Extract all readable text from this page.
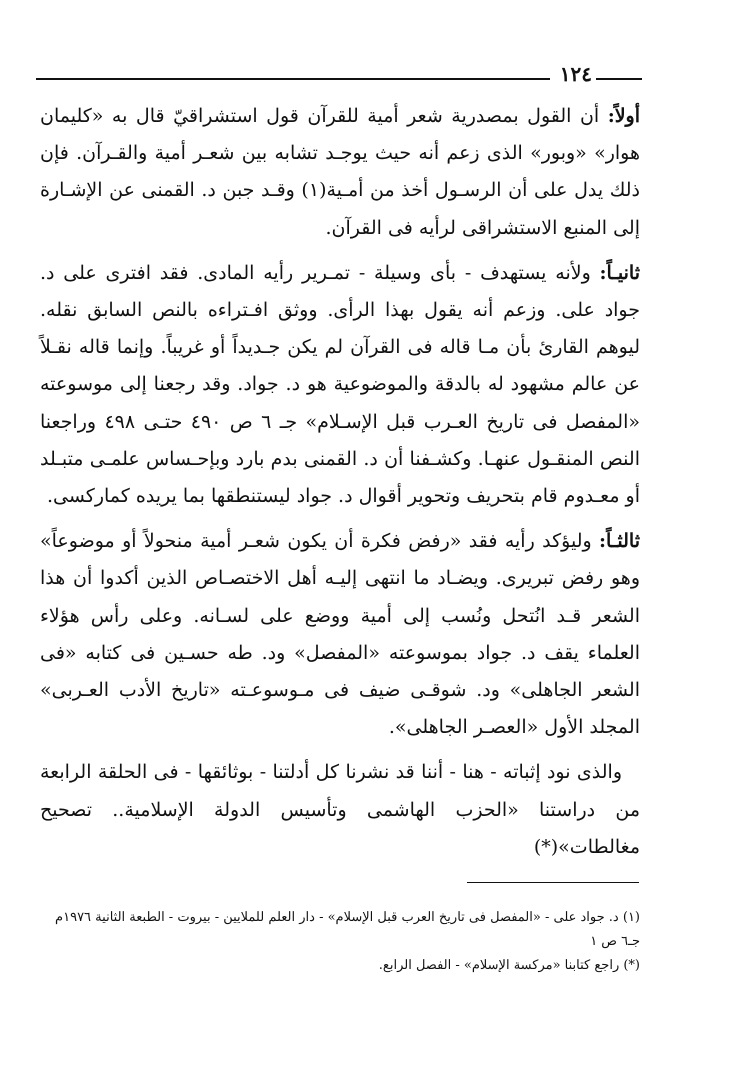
١٢٤

أولاً: أن القول بمصدرية شعر أمية للقرآن قول استشراقيّ قال به «كليمان هوار» «وبور» الذى زعم أنه حيث يوجـد تشابه بين شعـر أمية والقـرآن. فإن ذلك يدل على أن الرسـول أخذ من أمـية(١) وقـد جبن د. القمنى عن الإشـارة إلى المنبع الاستشراقى لرأيه فى القرآن.

ثانيـاً: ولأنه يستهدف - بأى وسيلة - تمـرير رأيه المادى. فقد افترى على د. جواد على. وزعم أنه يقول بهذا الرأى. ووثق افـتراءه بالنص السابق نقله. ليوهم القارئ بأن مـا قاله فى القرآن لم يكن جـديداً أو غريباً. وإنما قاله نقـلاً عن عالم مشهود له بالدقة والموضوعية هو د. جواد. وقد رجعنا إلى موسوعته «المفصل فى تاريخ العـرب قبل الإسـلام» جـ ٦ ص ٤٩٠ حتـى ٤٩٨ وراجعنا النص المنقـول عنهـا. وكشـفنا أن د. القمنى بدم بارد وبإحـساس علمـى متبـلد أو معـدوم قام بتحريف وتحوير أقوال د. جواد ليستنطقها بما يريده كماركسى.

ثالثـاً: وليؤكد رأيه فقد «رفض فكرة أن يكون شعـر أمية منحولاً أو موضوعاً» وهو رفض تبريرى. ويضـاد ما انتهى إليـه أهل الاختصـاص الذين أكدوا أن هذا الشعر قـد انُتحل ونُسب إلى أمية ووضع على لسـانه. وعلى رأس هؤلاء العلماء يقف د. جواد بموسوعته «المفصل» ود. طه حسـين فى كتابه «فى الشعر الجاهلى» ود. شوقـى ضيف فى مـوسوعـته «تاريخ الأدب العـربى» المجلد الأول «العصـر الجاهلى».

والذى نود إثباته - هنا - أننا قد نشرنا كل أدلتنا - بوثائقها - فى الحلقة الرابعة من دراستنا «الحزب الهاشمى وتأسيس الدولة الإسلامية.. تصحيح مغالطات»(*)

(١) د. جواد على - «المفصل فى تاريخ العرب قبل الإسلام» - دار العلم للملايين - بيروت - الطبعة الثانية ١٩٧٦م جـ٦ ص ١

(*) راجع كتابنا «مركسة الإسلام» - الفصل الرابع.
